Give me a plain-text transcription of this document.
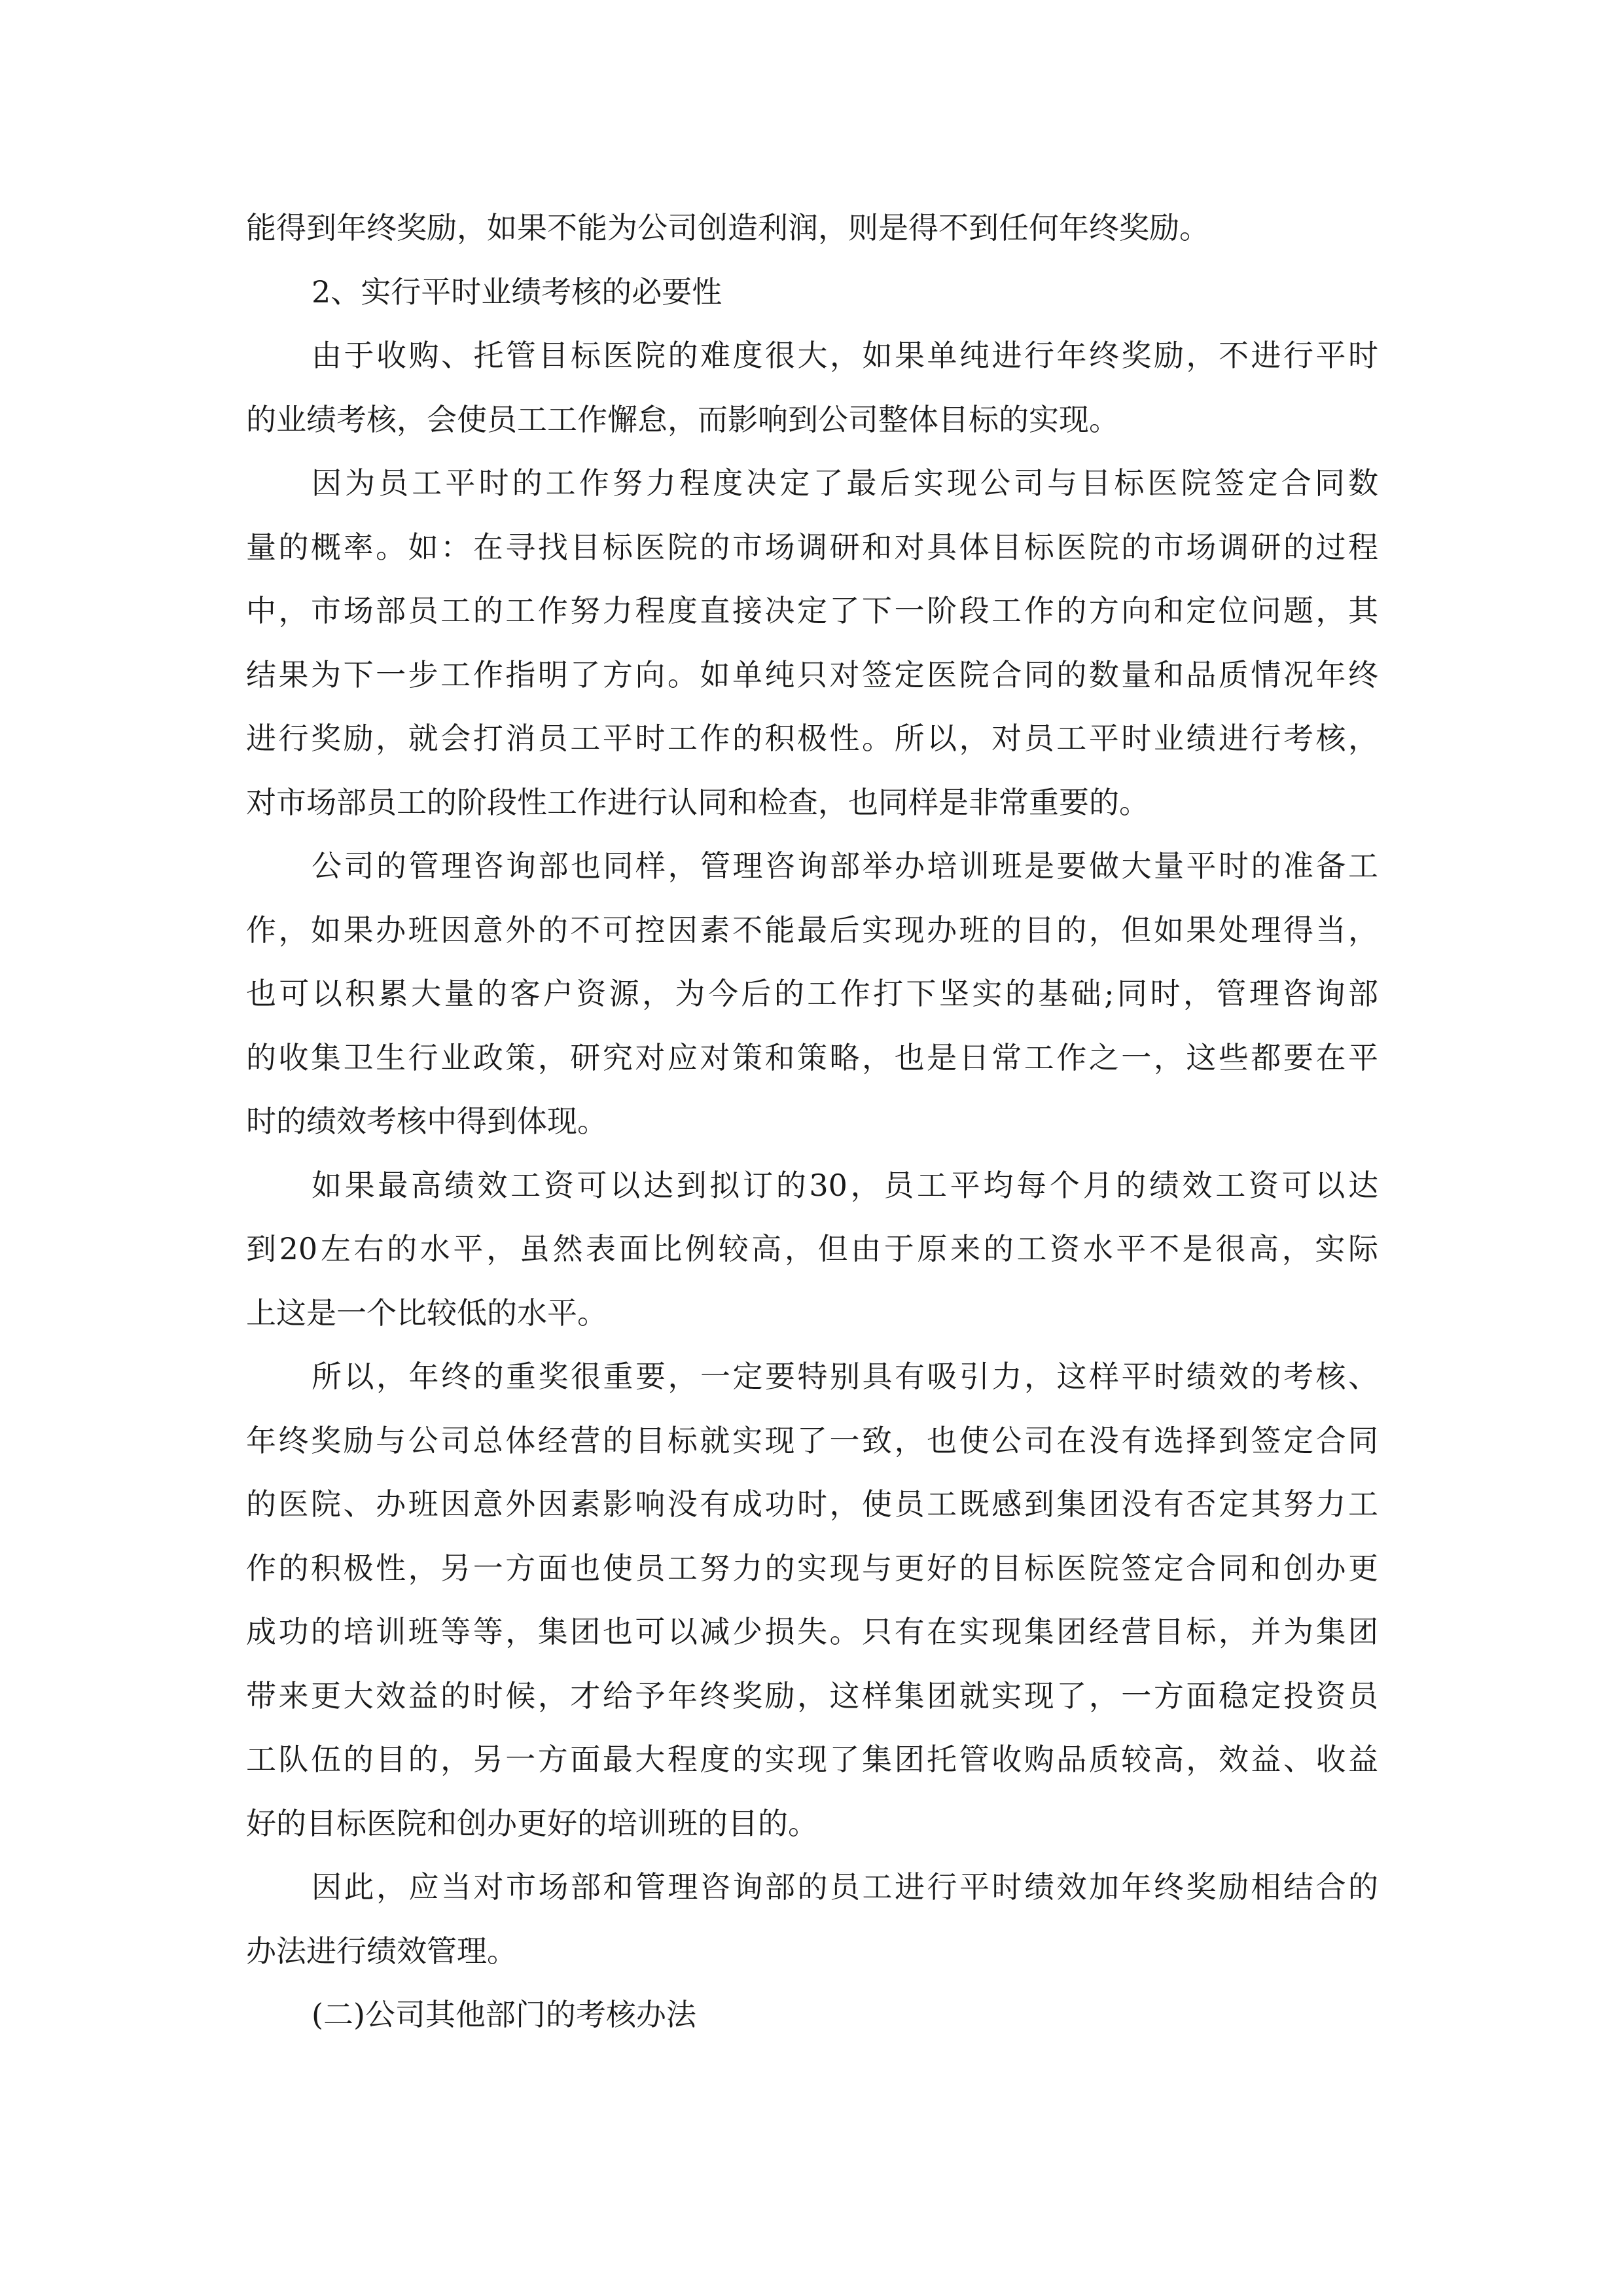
能得到年终奖励，如果不能为公司创造利润，则是得不到任何年终奖励。
2、实行平时业绩考核的必要性
由于收购、托管目标医院的难度很大，如果单纯进行年终奖励，不进行平时
的业绩考核，会使员工工作懈怠，而影响到公司整体目标的实现。
因为员工平时的工作努力程度决定了最后实现公司与目标医院签定合同数
量的概率。如：在寻找目标医院的市场调研和对具体目标医院的市场调研的过程
中，市场部员工的工作努力程度直接决定了下一阶段工作的方向和定位问题，其
结果为下一步工作指明了方向。如单纯只对签定医院合同的数量和品质情况年终
进行奖励，就会打消员工平时工作的积极性。所以，对员工平时业绩进行考核，
对市场部员工的阶段性工作进行认同和检查，也同样是非常重要的。
公司的管理咨询部也同样，管理咨询部举办培训班是要做大量平时的准备工
作，如果办班因意外的不可控因素不能最后实现办班的目的，但如果处理得当，
也可以积累大量的客户资源，为今后的工作打下坚实的基础;同时，管理咨询部
的收集卫生行业政策，研究对应对策和策略，也是日常工作之一，这些都要在平
时的绩效考核中得到体现。
如果最高绩效工资可以达到拟订的30，员工平均每个月的绩效工资可以达
到20左右的水平，虽然表面比例较高，但由于原来的工资水平不是很高，实际
上这是一个比较低的水平。
所以，年终的重奖很重要，一定要特别具有吸引力，这样平时绩效的考核、
年终奖励与公司总体经营的目标就实现了一致，也使公司在没有选择到签定合同
的医院、办班因意外因素影响没有成功时，使员工既感到集团没有否定其努力工
作的积极性，另一方面也使员工努力的实现与更好的目标医院签定合同和创办更
成功的培训班等等，集团也可以减少损失。只有在实现集团经营目标，并为集团
带来更大效益的时候，才给予年终奖励，这样集团就实现了，一方面稳定投资员
工队伍的目的，另一方面最大程度的实现了集团托管收购品质较高，效益、收益
好的目标医院和创办更好的培训班的目的。
因此，应当对市场部和管理咨询部的员工进行平时绩效加年终奖励相结合的
办法进行绩效管理。
(二)公司其他部门的考核办法
